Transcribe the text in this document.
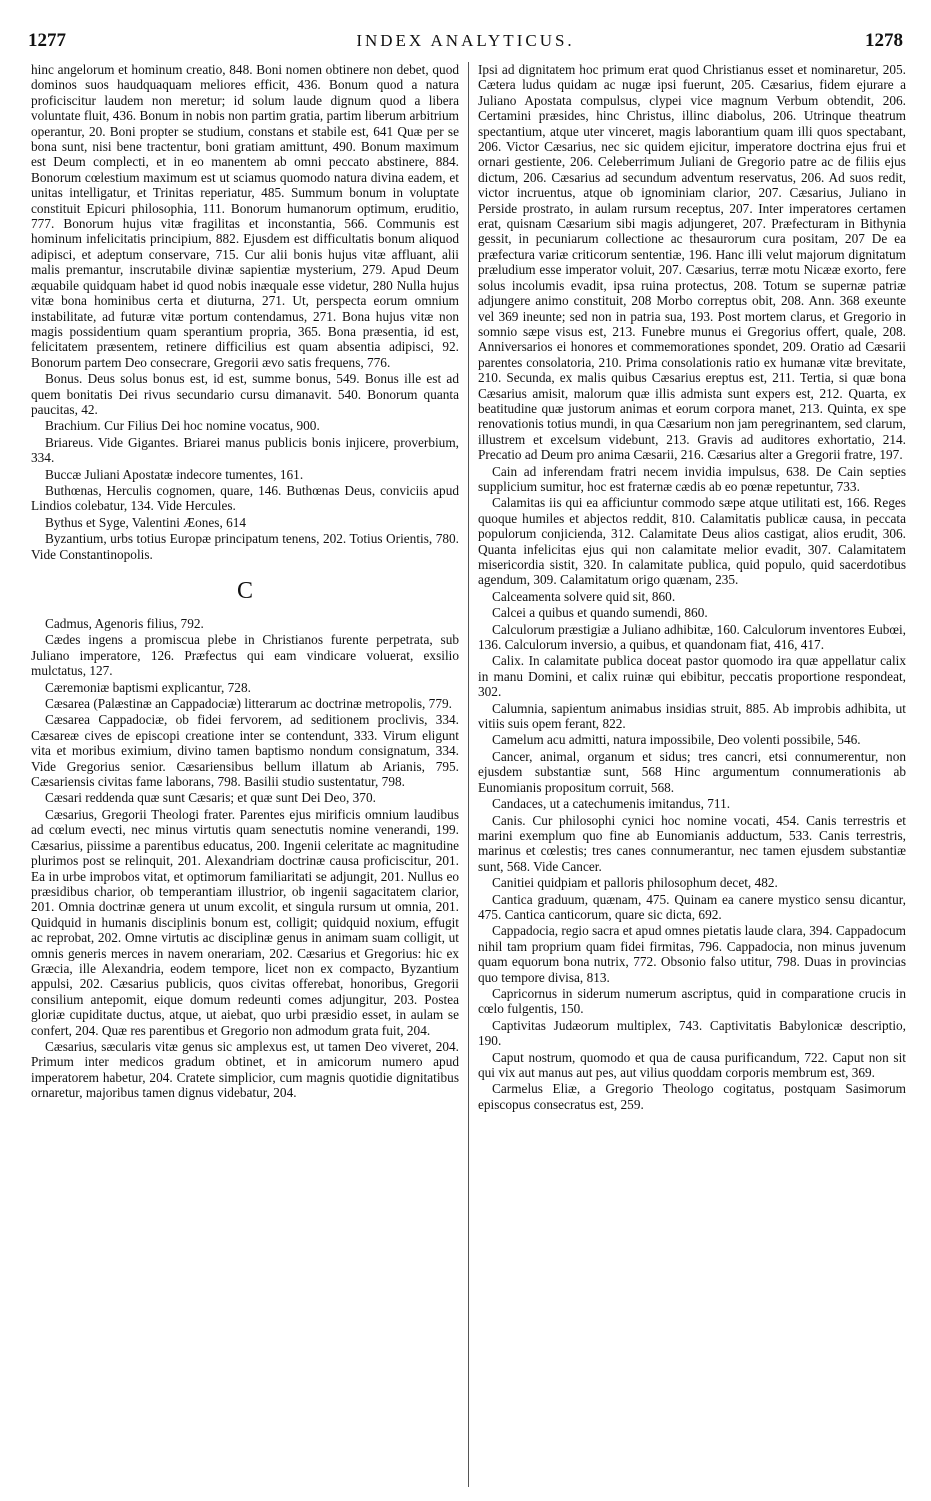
1277	INDEX ANALYTICUS.	1278

hinc angelorum et hominum creatio, 848. Boni nomen obtinere non debet, quod dominos suos haudquaquam meliores efficit, 436. Bonum quod a natura proficiscitur laudem non meretur; id solum laude dignum quod a libera voluntate fluit, 436. Bonum in nobis non partim gratia, partim liberum arbitrium operantur, 20. Boni propter se studium, constans et stabile est, 641 Quæ per se bona sunt, nisi bene tractentur, boni gratiam amittunt, 490. Bonum maximum est Deum complecti, et in eo manentem ab omni peccato abstinere, 884. Bonorum cœlestium maximum est ut sciamus quomodo natura divina eadem, et unitas intelligatur, et Trinitas reperiatur, 485. Summum bonum in voluptate constituit Epicuri philosophia, 111. Bonorum humanorum optimum, eruditio, 777. Bonorum hujus vitæ fragilitas et inconstantia, 566. Communis est hominum infelicitatis principium, 882. Ejusdem est difficultatis bonum aliquod adipisci, et adeptum conservare, 715. Cur alii bonis hujus vitæ affluant, alii malis premantur, inscrutabile divinæ sapientiæ mysterium, 279. Apud Deum æquabile quidquam habet id quod nobis inæquale esse videtur, 280 Nulla hujus vitæ bona hominibus certa et diuturna, 271. Ut, perspecta eorum omnium instabilitate, ad futuræ vitæ portum contendamus, 271. Bona hujus vitæ non magis possidentium quam sperantium propria, 365. Bona præsentia, id est, felicitatem præsentem, retinere difficilius est quam absentia adipisci, 92. Bonorum partem Deo consecrare, Gregorii ævo satis frequens, 776.

Bonus. Deus solus bonus est, id est, summe bonus, 549. Bonus ille est ad quem bonitatis Dei rivus secundario cursu dimanavit. 540. Bonorum quanta paucitas, 42.

Brachium. Cur Filius Dei hoc nomine vocatus, 900.

Briareus. Vide Gigantes. Briarei manus publicis bonis injicere, proverbium, 334.

Buccæ Juliani Apostatæ indecore tumentes, 161.

Buthœnas, Herculis cognomen, quare, 146. Buthœnas Deus, conviciis apud Lindios colebatur, 134. Vide Hercules.

Bythus et Syge, Valentini Æones, 614

Byzantium, urbs totius Europæ principatum tenens, 202. Totius Orientis, 780. Vide Constantinopolis.

C

Cadmus, Agenoris filius, 792.

Cædes ingens a promiscua plebe in Christianos furente perpetrata, sub Juliano imperatore, 126. Præfectus qui eam vindicare voluerat, exsilio mulctatus, 127.

Cæremoniæ baptismi explicantur, 728.

Cæsarea (Palæstinæ an Cappadociæ) litterarum ac doctrinæ metropolis, 779.

Cæsarea Cappadociæ, ob fidei fervorem, ad seditionem proclivis, 334. Cæsareæ cives de episcopi creatione inter se contendunt, 333. Virum eligunt vita et moribus eximium, divino tamen baptismo nondum consignatum, 334. Vide Gregorius senior. Cæsariensibus bellum illatum ab Arianis, 795. Cæsariensis civitas fame laborans, 798. Basilii studio sustentatur, 798.

Cæsari reddenda quæ sunt Cæsaris; et quæ sunt Dei Deo, 370.

Cæsarius, Gregorii Theologi frater. Parentes ejus mirificis omnium laudibus ad cœlum evecti, nec minus virtutis quam senectutis nomine venerandi, 199. Cæsarius, piissime a parentibus educatus, 200. Ingenii celeritate ac magnitudine plurimos post se relinquit, 201. Alexandriam doctrinæ causa proficiscitur, 201. Ea in urbe improbos vitat, et optimorum familiaritati se adjungit, 201. Nullus eo præsidibus charior, ob temperantiam illustrior, ob ingenii sagacitatem clarior, 201. Omnia doctrinæ genera ut unum excolit, et singula rursum ut omnia, 201. Quidquid in humanis disciplinis bonum est, colligit; quidquid noxium, effugit ac reprobat, 202. Omne virtutis ac disciplinæ genus in animam suam colligit, ut omnis generis merces in navem onerariam, 202. Cæsarius et Gregorius: hic ex Græcia, ille Alexandria, eodem tempore, licet non ex compacto, Byzantium appulsi, 202. Cæsarius publicis, quos civitas offerebat, honoribus, Gregorii consilium antepomit, eique domum redeunti comes adjungitur, 203. Postea gloriæ cupiditate ductus, atque, ut aiebat, quo urbi præsidio esset, in aulam se confert, 204. Quæ res parentibus et Gregorio non admodum grata fuit, 204.

Cæsarius, sæcularis vitæ genus sic amplexus est, ut tamen Deo viveret, 204. Primum inter medicos gradum obtinet, et in amicorum numero apud imperatorem habetur, 204. Cratete simplicior, cum magnis quotidie dignitatibus ornaretur, majoribus tamen dignus videbatur, 204.

Ipsi ad dignitatem hoc primum erat quod Christianus esset et nominaretur, 205. Cætera ludus quidam ac nugæ ipsi fuerunt, 205. Cæsarius, fidem ejurare a Juliano Apostata compulsus, clypei vice magnum Verbum obtendit, 206. Certamini præsides, hinc Christus, illinc diabolus, 206. Utrinque theatrum spectantium, atque uter vinceret, magis laborantium quam illi quos spectabant, 206. Victor Cæsarius, nec sic quidem ejicitur, imperatore doctrina ejus frui et ornari gestiente, 206. Celeberrimum Juliani de Gregorio patre ac de filiis ejus dictum, 206. Cæsarius ad secundum adventum reservatus, 206. Ad suos redit, victor incruentus, atque ob ignominiam clarior, 207. Cæsarius, Juliano in Perside prostrato, in aulam rursum receptus, 207. Inter imperatores certamen erat, quisnam Cæsarium sibi magis adjungeret, 207. Præfecturam in Bithynia gessit, in pecuniarum collectione ac thesaurorum cura positam, 207 De ea præfectura variæ criticorum sententiæ, 196. Hanc illi velut majorum dignitatum præludium esse imperator voluit, 207. Cæsarius, terræ motu Nicææ exorto, fere solus incolumis evadit, ipsa ruina protectus, 208. Totum se supernæ patriæ adjungere animo constituit, 208 Morbo correptus obit, 208. Ann. 368 exeunte vel 369 ineunte; sed non in patria sua, 193. Post mortem clarus, et Gregorio in somnio sæpe visus est, 213. Funebre munus ei Gregorius offert, quale, 208. Anniversarios ei honores et commemorationes spondet, 209. Oratio ad Cæsarii parentes consolatoria, 210. Prima consolationis ratio ex humanæ vitæ brevitate, 210. Secunda, ex malis quibus Cæsarius ereptus est, 211. Tertia, si quæ bona Cæsarius amisit, malorum quæ illis admista sunt expers est, 212. Quarta, ex beatitudine quæ justorum animas et eorum corpora manet, 213. Quinta, ex spe renovationis totius mundi, in qua Cæsarium non jam peregrinantem, sed clarum, illustrem et excelsum videbunt, 213. Gravis ad auditores exhortatio, 214. Precatio ad Deum pro anima Cæsarii, 216. Cæsarius alter a Gregorii fratre, 197.

Cain ad inferendam fratri necem invidia impulsus, 638. De Cain septies supplicium sumitur, hoc est fraternæ cædis ab eo pœnæ repetuntur, 733.

Calamitas iis qui ea afficiuntur commodo sæpe atque utilitati est, 166. Reges quoque humiles et abjectos reddit, 810. Calamitatis publicæ causa, in peccata populorum conjicienda, 312. Calamitate Deus alios castigat, alios erudit, 306. Quanta infelicitas ejus qui non calamitate melior evadit, 307. Calamitatem misericordia sistit, 320. In calamitate publica, quid populo, quid sacerdotibus agendum, 309. Calamitatum origo quænam, 235.

Calceamenta solvere quid sit, 860.

Calcei a quibus et quando sumendi, 860.

Calculorum præstigiæ a Juliano adhibitæ, 160. Calculorum inventores Eubœi, 136. Calculorum inversio, a quibus, et quandonam fiat, 416, 417.

Calix. In calamitate publica doceat pastor quomodo ira quæ appellatur calix in manu Domini, et calix ruinæ qui ebibitur, peccatis proportione respondeat, 302.

Calumnia, sapientum animabus insidias struit, 885. Ab improbis adhibita, ut vitiis suis opem ferant, 822.

Camelum acu admitti, natura impossibile, Deo volenti possibile, 546.

Cancer, animal, organum et sidus; tres cancri, etsi connumerentur, non ejusdem substantiæ sunt, 568 Hinc argumentum connumerationis ab Eunomianis propositum corruit, 568.

Candaces, ut a catechumenis imitandus, 711.

Canis. Cur philosophi cynici hoc nomine vocati, 454. Canis terrestris et marini exemplum quo fine ab Eunomianis adductum, 533. Canis terrestris, marinus et cœlestis; tres canes connumerantur, nec tamen ejusdem substantiæ sunt, 568. Vide Cancer.

Canitiei quidpiam et palloris philosophum decet, 482.

Cantica graduum, quænam, 475. Quinam ea canere mystico sensu dicantur, 475. Cantica canticorum, quare sic dicta, 692.

Cappadocia, regio sacra et apud omnes pietatis laude clara, 394. Cappadocum nihil tam proprium quam fidei firmitas, 796. Cappadocia, non minus juvenum quam equorum bona nutrix, 772. Obsonio falso utitur, 798. Duas in provincias quo tempore divisa, 813.

Capricornus in siderum numerum ascriptus, quid in comparatione crucis in cœlo fulgentis, 150.

Captivitas Judæorum multiplex, 743. Captivitatis Babylonicæ descriptio, 190.

Caput nostrum, quomodo et qua de causa purificandum, 722. Caput non sit qui vix aut manus aut pes, aut vilius quoddam corporis membrum est, 369.

Carmelus Eliæ, a Gregorio Theologo cogitatus, postquam Sasimorum episcopus consecratus est, 259.
